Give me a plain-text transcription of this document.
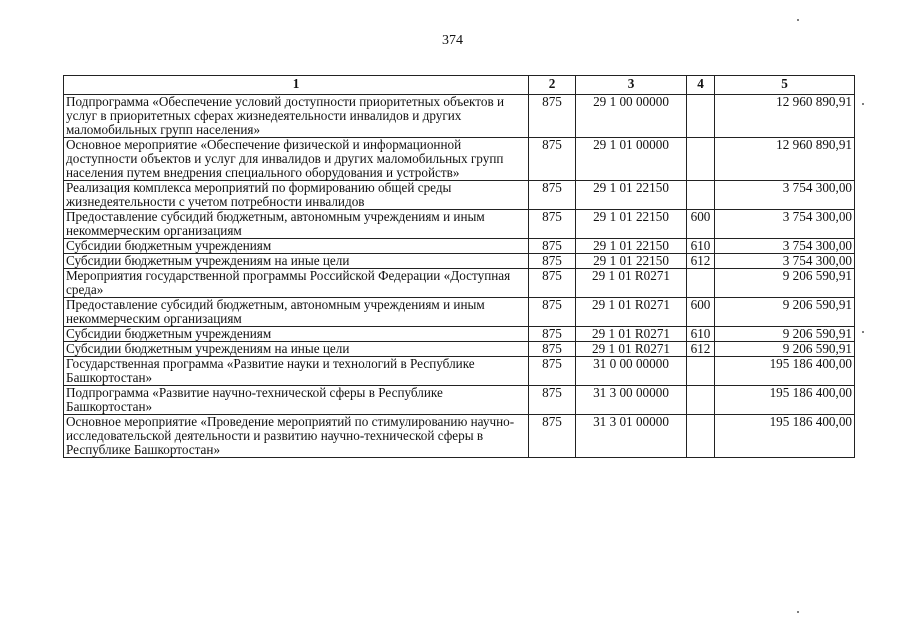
374
1	2	3	4	5
Подпрограмма «Обеспечение условий доступности приоритетных объектов и услуг в приоритетных сферах жизнедеятельности инвалидов и других маломобильных групп населения»	875	29 1 00 00000		12 960 890,91
Основное мероприятие «Обеспечение физической и информационной доступности объектов и услуг для инвалидов и других маломобильных групп населения путем внедрения специального оборудования и устройств»	875	29 1 01 00000		12 960 890,91
Реализация комплекса мероприятий по формированию общей среды жизнедеятельности с учетом потребности инвалидов	875	29 1 01 22150		3 754 300,00
Предоставление субсидий бюджетным, автономным учреждениям и иным некоммерческим организациям	875	29 1 01 22150	600	3 754 300,00
Субсидии бюджетным учреждениям	875	29 1 01 22150	610	3 754 300,00
Субсидии бюджетным учреждениям на иные цели	875	29 1 01 22150	612	3 754 300,00
Мероприятия государственной программы Российской Федерации «Доступная среда»	875	29 1 01 R0271		9 206 590,91
Предоставление субсидий бюджетным, автономным учреждениям и иным некоммерческим организациям	875	29 1 01 R0271	600	9 206 590,91
Субсидии бюджетным учреждениям	875	29 1 01 R0271	610	9 206 590,91
Субсидии бюджетным учреждениям на иные цели	875	29 1 01 R0271	612	9 206 590,91
Государственная программа «Развитие науки и технологий в Республике Башкортостан»	875	31 0 00 00000		195 186 400,00
Подпрограмма «Развитие научно-технической сферы в Республике Башкортостан»	875	31 3 00 00000		195 186 400,00
Основное мероприятие «Проведение мероприятий по стимулированию научно-исследовательской деятельности и развитию научно-технической сферы в Республике Башкортостан»	875	31 3 01 00000		195 186 400,00
